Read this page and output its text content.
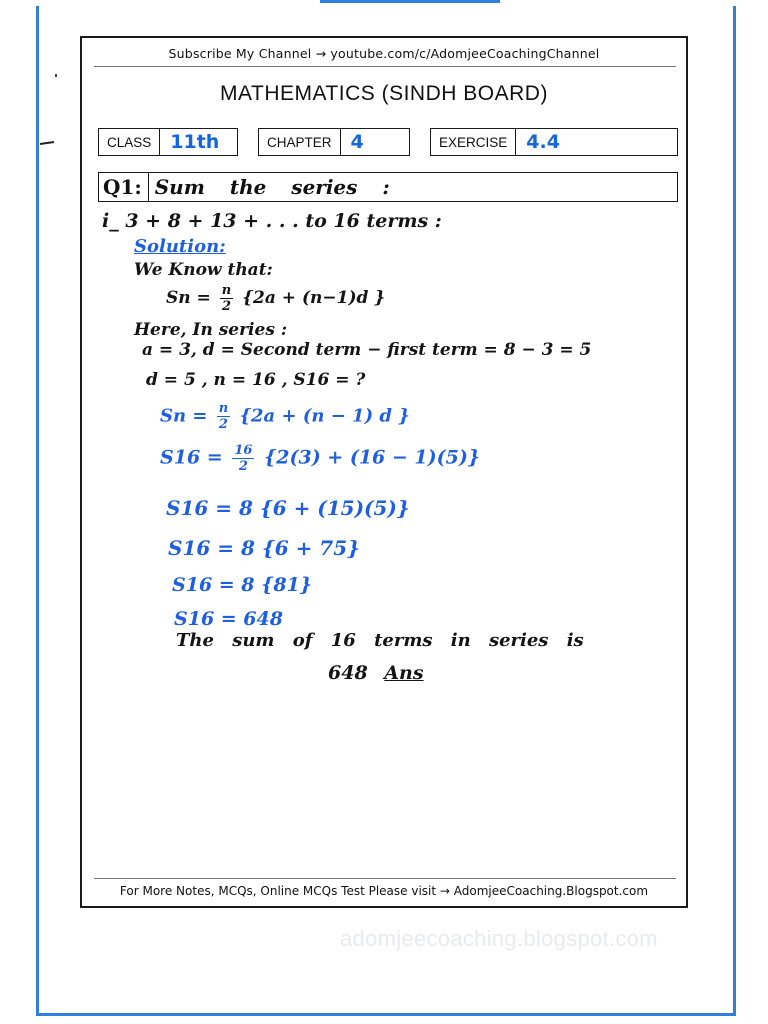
Subscribe My Channel → youtube.com/c/AdomjeeCoachingChannel
MATHEMATICS (SINDH BOARD)
CLASS	11th	CHAPTER	4	EXERCISE	4.4
Q1: Sum the series :
i_ 3 + 8 + 13 + . . . to 16 terms :
Solution:
We Know that:
$Sn = \frac{n}{2} \{2a + (n-1)d$ }
Here, In series :
a = 3, d = Second term − first term = 8 − 3 = 5
d = 5 , n = 16 , S16 = ?
$Sn = \frac{n}{2} \{2a + (n - 1)$ d }
$S16 = \frac{16}{2} \{2(3) + (16 - 1)(5)\}$
S16 = 8 {6 + (15)(5)}
S16 = 8 {6 + 75}
S16 = 8 {81}
S16 = 648
The sum of 16 terms in series is
648 Ans
For More Notes, MCQs, Online MCQs Test Please visit → AdomjeeCoaching.Blogspot.com
adomjeecoaching.blogspot.com
